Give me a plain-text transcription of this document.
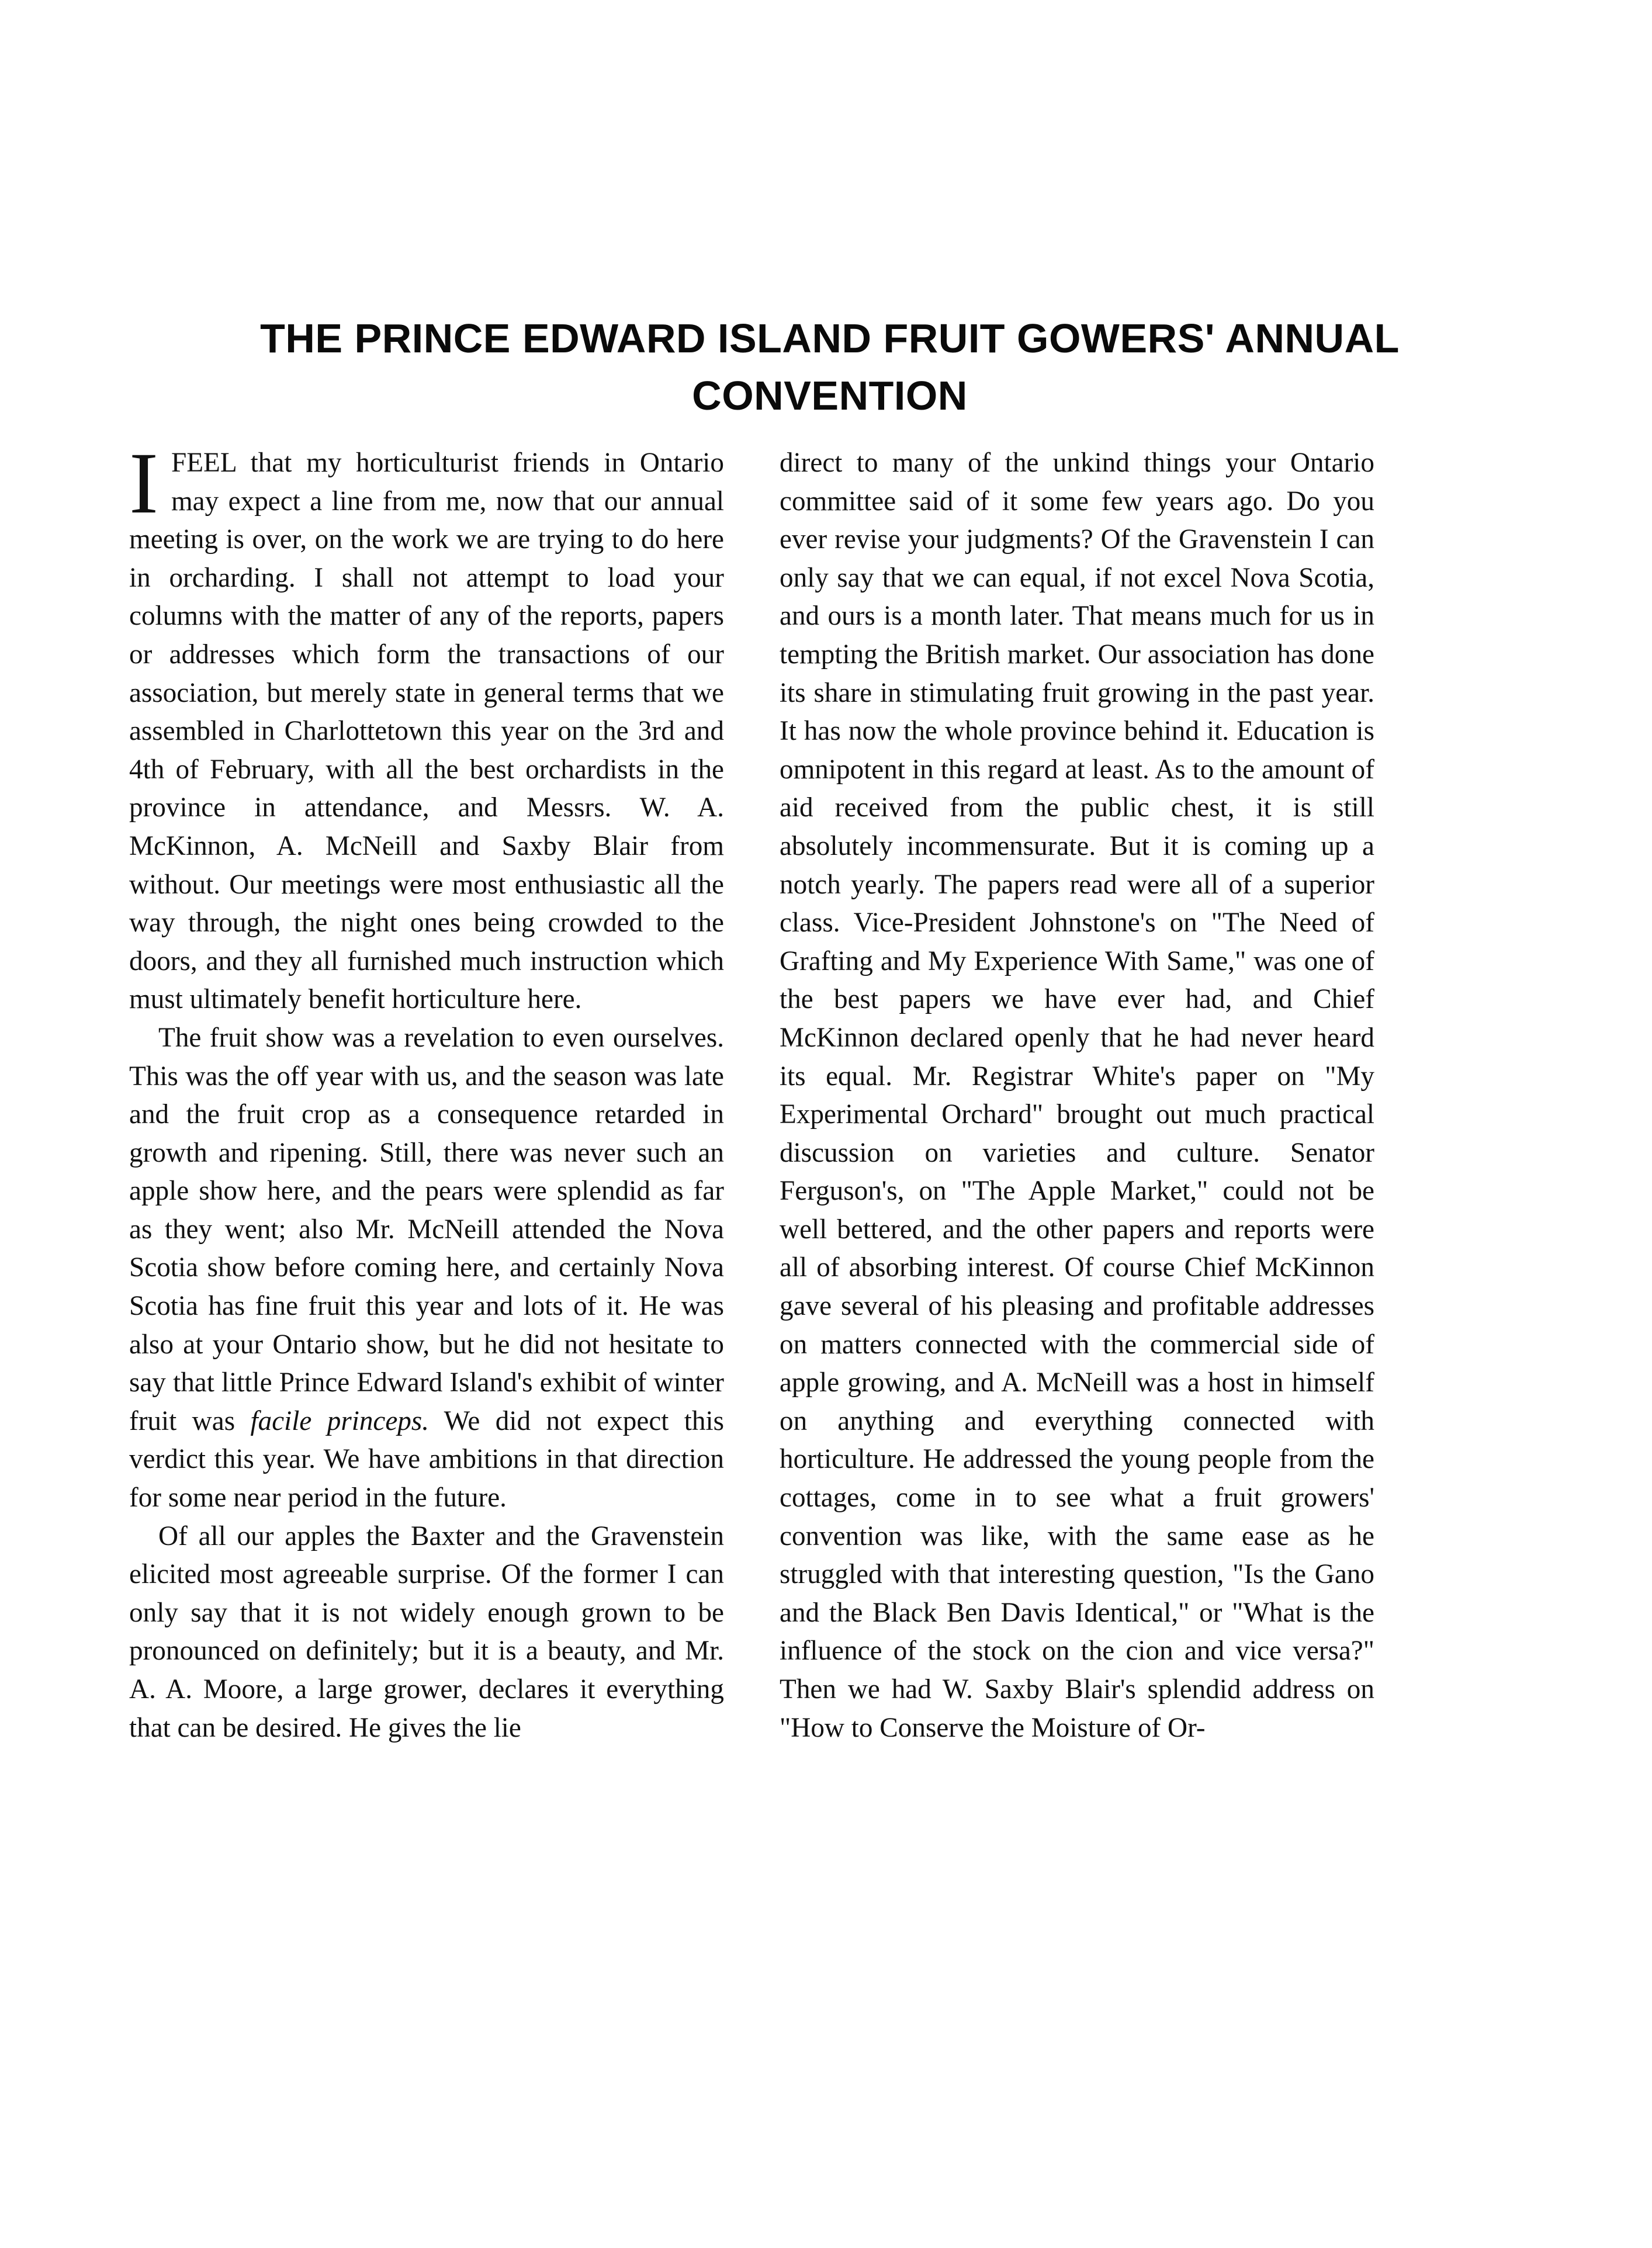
THE PRINCE EDWARD ISLAND FRUIT GOWERS' ANNUAL
CONVENTION

IFEEL that my horticulturist friends in Ontario may expect a line from me, now that our annual meeting is over, on the work we are trying to do here in orcharding. I shall not attempt to load your columns with the matter of any of the reports, papers or addresses which form the transactions of our association, but merely state in general terms that we assembled in Charlottetown this year on the 3rd and 4th of February, with all the best orchardists in the province in attendance, and Messrs. W. A. McKinnon, A. McNeill and Saxby Blair from without. Our meetings were most enthusiastic all the way through, the night ones being crowded to the doors, and they all furnished much instruction which must ultimately benefit horticulture here.

The fruit show was a revelation to even ourselves. This was the off year with us, and the season was late and the fruit crop as a consequence retarded in growth and ripening. Still, there was never such an apple show here, and the pears were splendid as far as they went; also Mr. McNeill attended the Nova Scotia show before coming here, and certainly Nova Scotia has fine fruit this year and lots of it. He was also at your Ontario show, but he did not hesitate to say that little Prince Edward Island's exhibit of winter fruit was facile princeps. We did not expect this verdict this year. We have ambitions in that direction for some near period in the future.

Of all our apples the Baxter and the Gravenstein elicited most agreeable surprise. Of the former I can only say that it is not widely enough grown to be pronounced on definitely; but it is a beauty, and Mr. A. A. Moore, a large grower, declares it everything that can be desired. He gives the lie

direct to many of the unkind things your Ontario committee said of it some few years ago. Do you ever revise your judgments? Of the Gravenstein I can only say that we can equal, if not excel Nova Scotia, and ours is a month later. That means much for us in tempting the British market. Our association has done its share in stimulating fruit growing in the past year. It has now the whole province behind it. Education is omnipotent in this regard at least. As to the amount of aid received from the public chest, it is still absolutely incommensurate. But it is coming up a notch yearly. The papers read were all of a superior class. Vice-President Johnstone's on "The Need of Grafting and My Experience With Same," was one of the best papers we have ever had, and Chief McKinnon declared openly that he had never heard its equal. Mr. Registrar White's paper on "My Experimental Orchard" brought out much practical discussion on varieties and culture. Senator Ferguson's, on "The Apple Market," could not be well bettered, and the other papers and reports were all of absorbing interest. Of course Chief McKinnon gave several of his pleasing and profitable addresses on matters connected with the commercial side of apple growing, and A. McNeill was a host in himself on anything and everything connected with horticulture. He addressed the young people from the cottages, come in to see what a fruit growers' convention was like, with the same ease as he struggled with that interesting question, "Is the Gano and the Black Ben Davis Identical," or "What is the influence of the stock on the cion and vice versa?" Then we had W. Saxby Blair's splendid address on "How to Conserve the Moisture of Or-
